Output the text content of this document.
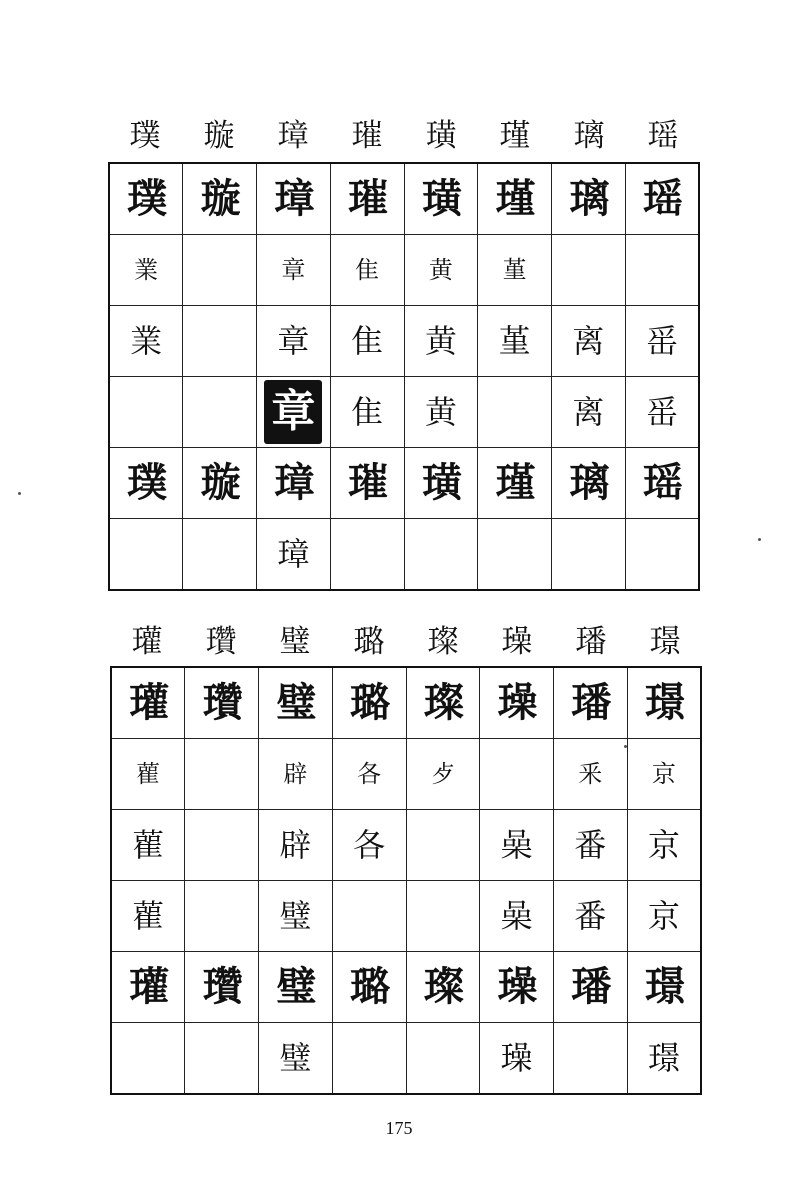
璞	璇	璋	璀	璜	瑾	璃	瑶
璞	璇	璋	璀	璜	瑾	璃	瑶
業		章	隹	黄	堇		
業		章	隹	黄	堇	离	䍃
		章	隹	黄		离	䍃
璞	璇	璋	璀	璜	瑾	璃	瑶
		璋					
瓘	瓚	璧	璐	璨	璪	璠	璟
瓘	瓚	璧	璐	璨	璪	璠	璟
雚		辟	各	歺		釆	京
雚		辟	各		喿	番	京
雚		璧			喿	番	京
瓘	瓚	璧	璐	璨	璪	璠	璟
		璧			璪		璟
175
